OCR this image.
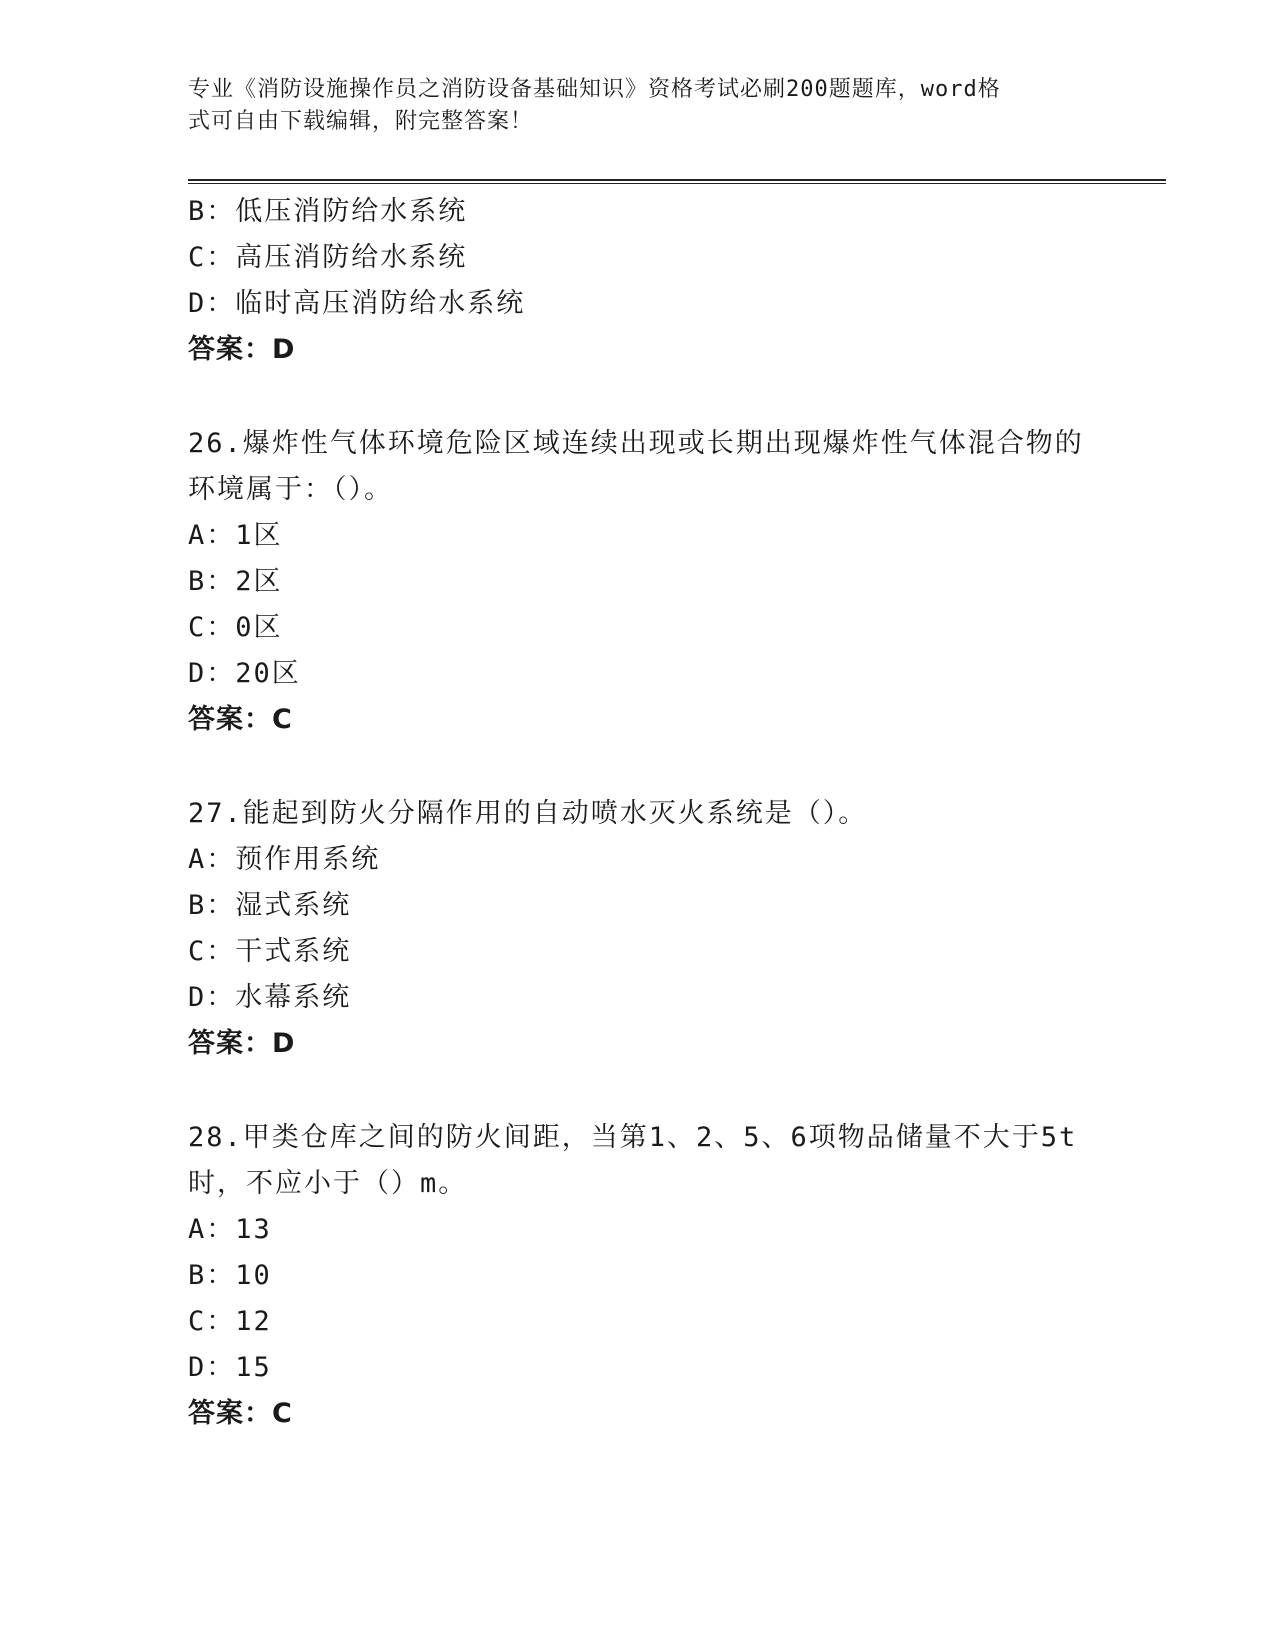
专业《消防设施操作员之消防设备基础知识》资格考试必刷200题题库，word格
式可自由下载编辑，附完整答案！
B：低压消防给水系统
C：高压消防给水系统
D：临时高压消防给水系统
答案：D
26.爆炸性气体环境危险区域连续出现或长期出现爆炸性气体混合物的
环境属于：（）。
A：1区
B：2区
C：0区
D：20区
答案：C
27.能起到防火分隔作用的自动喷水灭火系统是（）。
A：预作用系统
B：湿式系统
C：干式系统
D：水幕系统
答案：D
28.甲类仓库之间的防火间距，当第1、2、5、6项物品储量不大于5t
时，不应小于（）m。
A：13
B：10
C：12
D：15
答案：C
